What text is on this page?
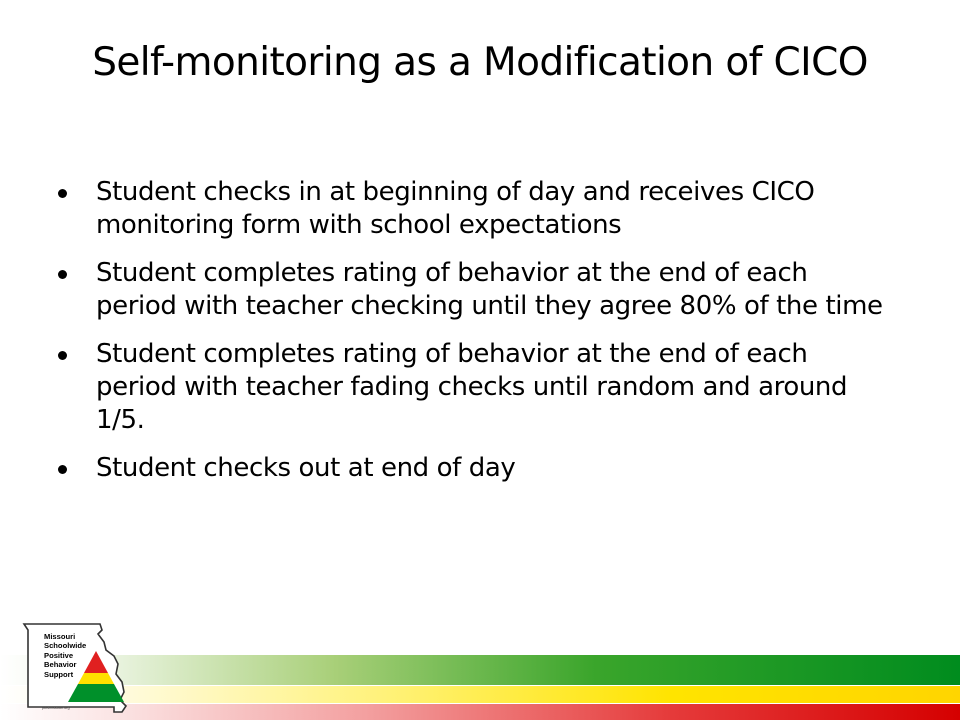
Self-monitoring as a Modification of CICO
Student checks in at beginning of day and receives CICO monitoring form with school expectations
Student completes rating of behavior at the end of each period with teacher checking until they agree 80% of the time
Student completes rating of behavior at the end of each period with teacher fading checks until random and around 1/5.
Student checks out at end of day
Missouri
Schoolwide
Positive
Behavior
Support
pbismissouri.org
